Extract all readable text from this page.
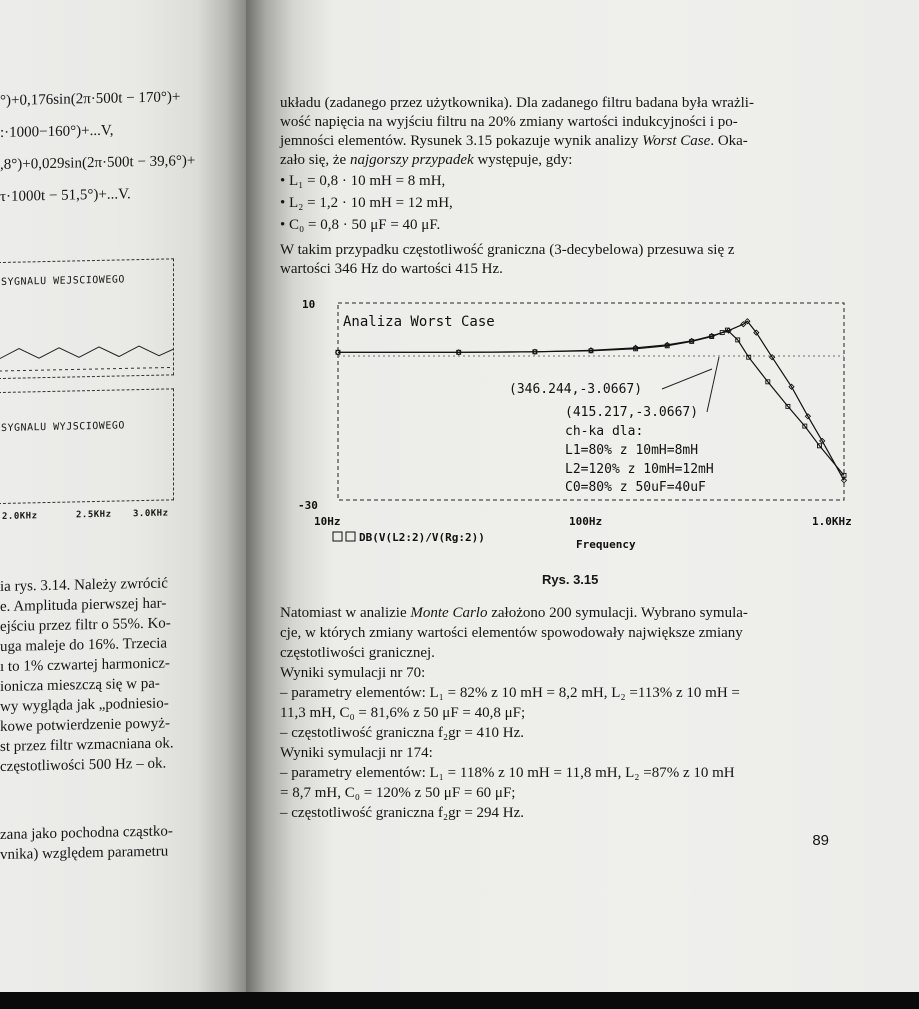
°)+0,176sin(2π·500t − 170°)+
:·1000−160°)+...V,
,8°)+0,029sin(2π·500t − 39,6°)+
τ·1000t − 51,5°)+...V.
SYGNALU WEJSCIOWEGO
SYGNALU WYJSCIOWEGO
2.0KHz	2.5KHz 3.0KHz
ia rys. 3.14. Należy zwrócić
e. Amplituda pierwszej har-
ejściu przez filtr o 55%. Ko-
uga maleje do 16%. Trzecia
ı to 1% czwartej harmonicz-
ionicza mieszczą się w pa-
wy wygląda jak „podniesio-
kowe potwierdzenie powyż-
st przez filtr wzmacniana ok.
częstotliwości 500 Hz – ok.
zana jako pochodna cząstko-
vnika) względem parametru
układu (zadanego przez użytkownika). Dla zadanego filtru badana była wrażli-
wość napięcia na wyjściu filtru na 20% zmiany wartości indukcyjności i po-
jemności elementów. Rysunek 3.15 pokazuje wynik analizy Worst Case. Oka-
zało się, że najgorszy przypadek występuje, gdy:
• L₁ = 0,8 · 10 mH = 8 mH,
• L₂ = 1,2 · 10 mH = 12 mH,
• C₀ = 0,8 · 50 μF = 40 μF.
W takim przypadku częstotliwość graniczna (3-decybelowa) przesuwa się z
wartości 346 Hz do wartości 415 Hz.
Analiza Worst Case
(346.244,-3.0667)
(415.217,-3.0667)
ch-ka dla:
L1=80% z 10mH=8mH
L2=120% z 10mH=12mH
C0=80% z 50uF=40uF
10
-30
10Hz	100Hz	1.0KHz
DB(V(L2:2)/V(Rg:2))
Frequency
Rys. 3.15
Natomiast w analizie Monte Carlo założono 200 symulacji. Wybrano symula-
cje, w których zmiany wartości elementów spowodowały największe zmiany
częstotliwości granicznej.
Wyniki symulacji nr 70:
– parametry elementów: L₁ = 82% z 10 mH = 8,2 mH, L₂ =113% z 10 mH =
11,3 mH, C₀ = 81,6% z 50 μF = 40,8 μF;
– częstotliwość graniczna f₂gr = 410 Hz.
Wyniki symulacji nr 174:
– parametry elementów: L₁ = 118% z 10 mH = 11,8 mH, L₂ =87% z 10 mH
= 8,7 mH, C₀ = 120% z 50 μF = 60 μF;
– częstotliwość graniczna f₂gr = 294 Hz.
89
